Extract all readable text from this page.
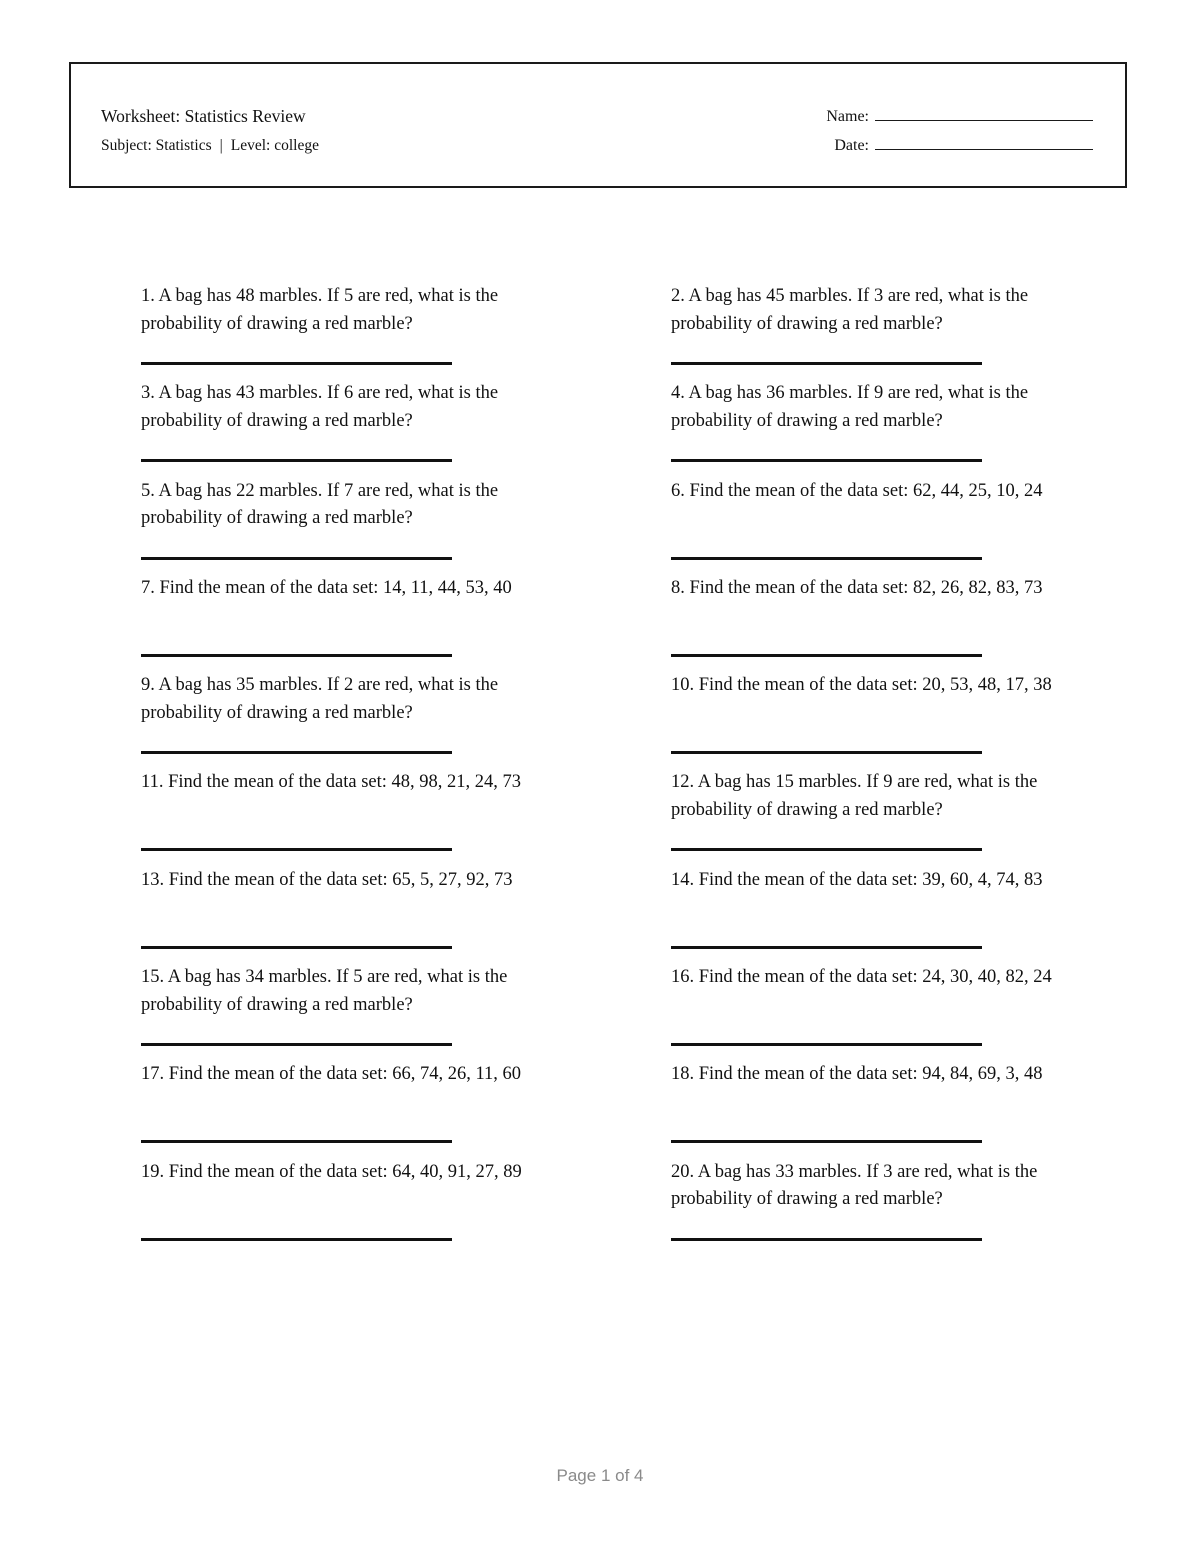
Worksheet: Statistics Review
Subject: Statistics | Level: college
Name:
Date:
1. A bag has 48 marbles. If 5 are red, what is the probability of drawing a red marble?
2. A bag has 45 marbles. If 3 are red, what is the probability of drawing a red marble?
3. A bag has 43 marbles. If 6 are red, what is the probability of drawing a red marble?
4. A bag has 36 marbles. If 9 are red, what is the probability of drawing a red marble?
5. A bag has 22 marbles. If 7 are red, what is the probability of drawing a red marble?
6. Find the mean of the data set: 62, 44, 25, 10, 24
7. Find the mean of the data set: 14, 11, 44, 53, 40	8. Find the mean of the data set: 82, 26, 82, 83, 73
9. A bag has 35 marbles. If 2 are red, what is the probability of drawing a red marble?
10. Find the mean of the data set: 20, 53, 48, 17, 38
11. Find the mean of the data set: 48, 98, 21, 24, 73	12. A bag has 15 marbles. If 9 are red, what is the probability of drawing a red marble?
13. Find the mean of the data set: 65, 5, 27, 92, 73	14. Find the mean of the data set: 39, 60, 4, 74, 83
15. A bag has 34 marbles. If 5 are red, what is the probability of drawing a red marble?
16. Find the mean of the data set: 24, 30, 40, 82, 24
17. Find the mean of the data set: 66, 74, 26, 11, 60	18. Find the mean of the data set: 94, 84, 69, 3, 48
19. Find the mean of the data set: 64, 40, 91, 27, 89	20. A bag has 33 marbles. If 3 are red, what is the probability of drawing a red marble?
Page 1 of 4
